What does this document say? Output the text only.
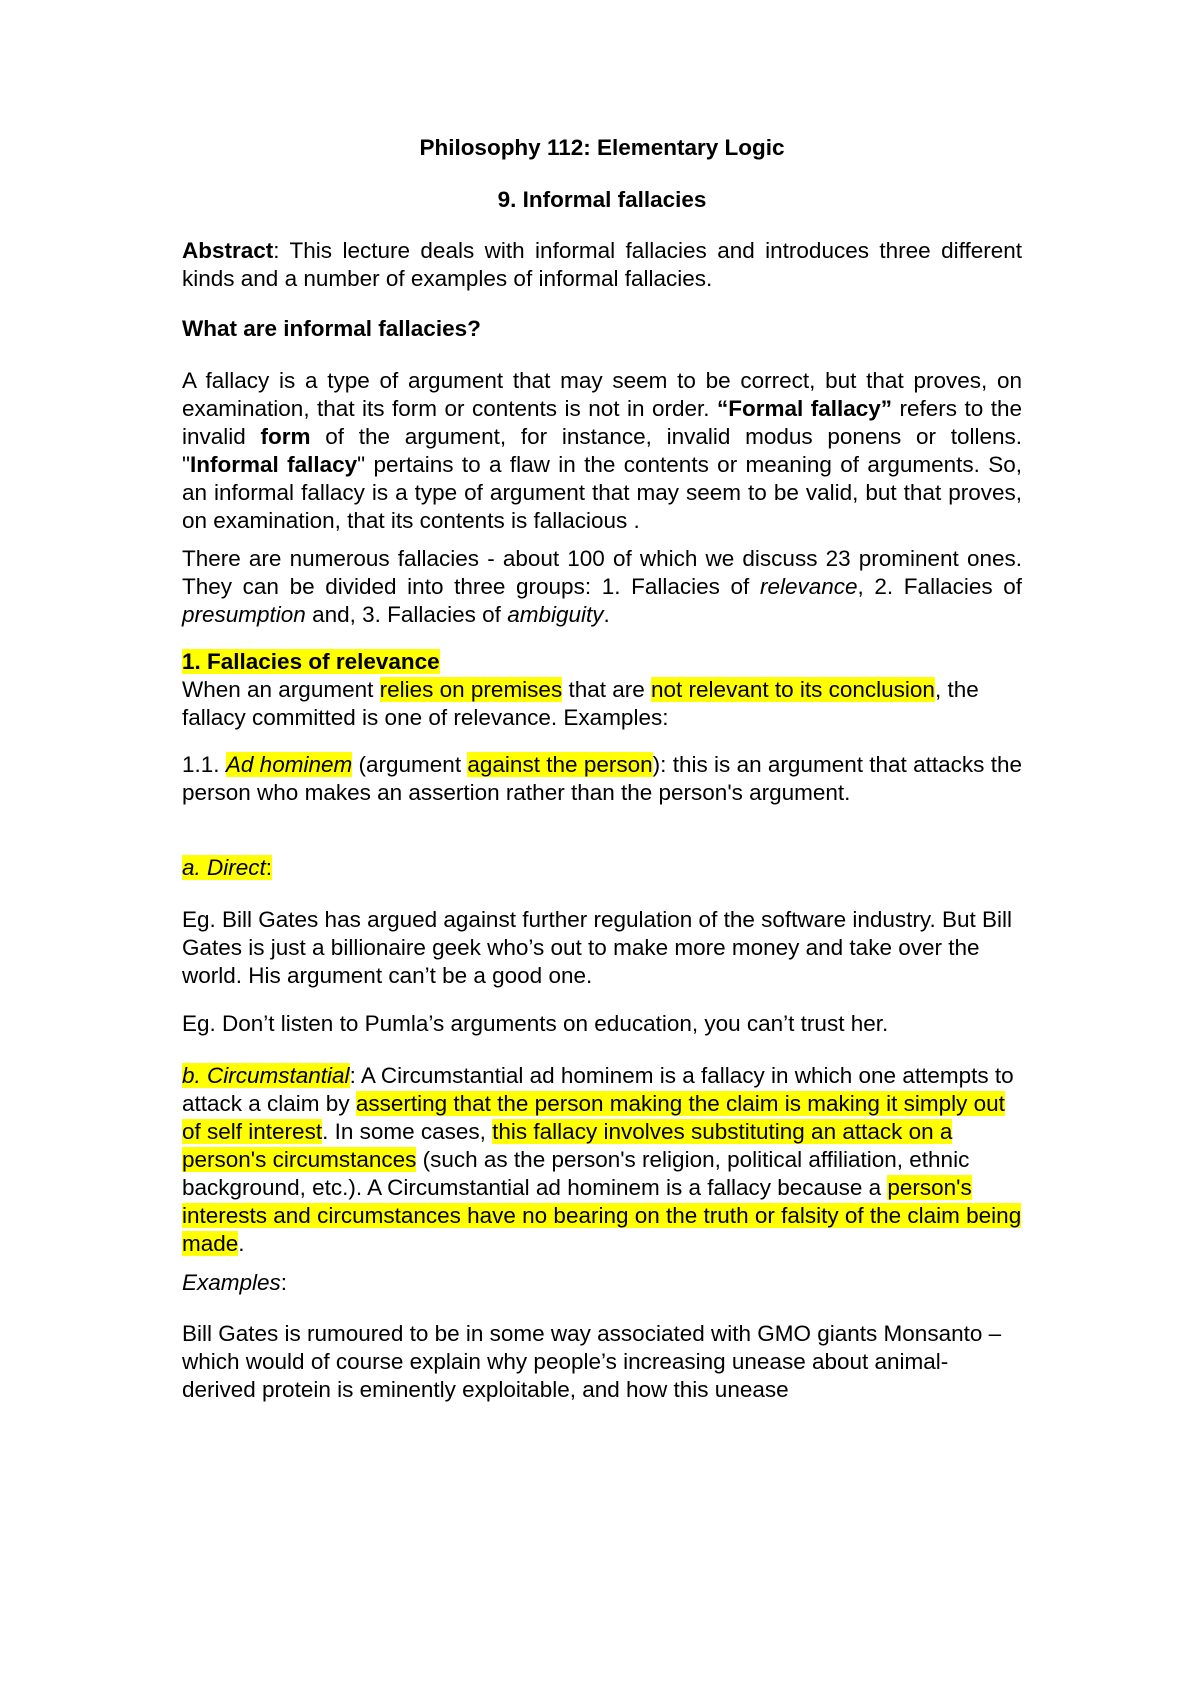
Philosophy 112: Elementary Logic

9. Informal fallacies

Abstract: This lecture deals with informal fallacies and introduces three different kinds and a number of examples of informal fallacies.

What are informal fallacies?

A fallacy is a type of argument that may seem to be correct, but that proves, on examination, that its form or contents is not in order. “Formal fallacy” refers to the invalid form of the argument, for instance, invalid modus ponens or tollens. "Informal fallacy" pertains to a flaw in the contents or meaning of arguments. So, an informal fallacy is a type of argument that may seem to be valid, but that proves, on examination, that its contents is fallacious .

There are numerous fallacies - about 100 of which we discuss 23 prominent ones. They can be divided into three groups: 1. Fallacies of relevance, 2. Fallacies of presumption and, 3. Fallacies of ambiguity.

1. Fallacies of relevance
When an argument relies on premises that are not relevant to its conclusion, the fallacy committed is one of relevance. Examples:

1.1. Ad hominem (argument against the person): this is an argument that attacks the person who makes an assertion rather than the person's argument.

a. Direct:

Eg. Bill Gates has argued against further regulation of the software industry. But Bill Gates is just a billionaire geek who’s out to make more money and take over the world. His argument can’t be a good one.

Eg. Don’t listen to Pumla’s arguments on education, you can’t trust her.

b. Circumstantial: A Circumstantial ad hominem is a fallacy in which one attempts to attack a claim by asserting that the person making the claim is making it simply out of self interest. In some cases, this fallacy involves substituting an attack on a person's circumstances (such as the person's religion, political affiliation, ethnic background, etc.). A Circumstantial ad hominem is a fallacy because a person's interests and circumstances have no bearing on the truth or falsity of the claim being made.

Examples:

Bill Gates is rumoured to be in some way associated with GMO giants Monsanto – which would of course explain why people’s increasing unease about animal-derived protein is eminently exploitable, and how this unease
